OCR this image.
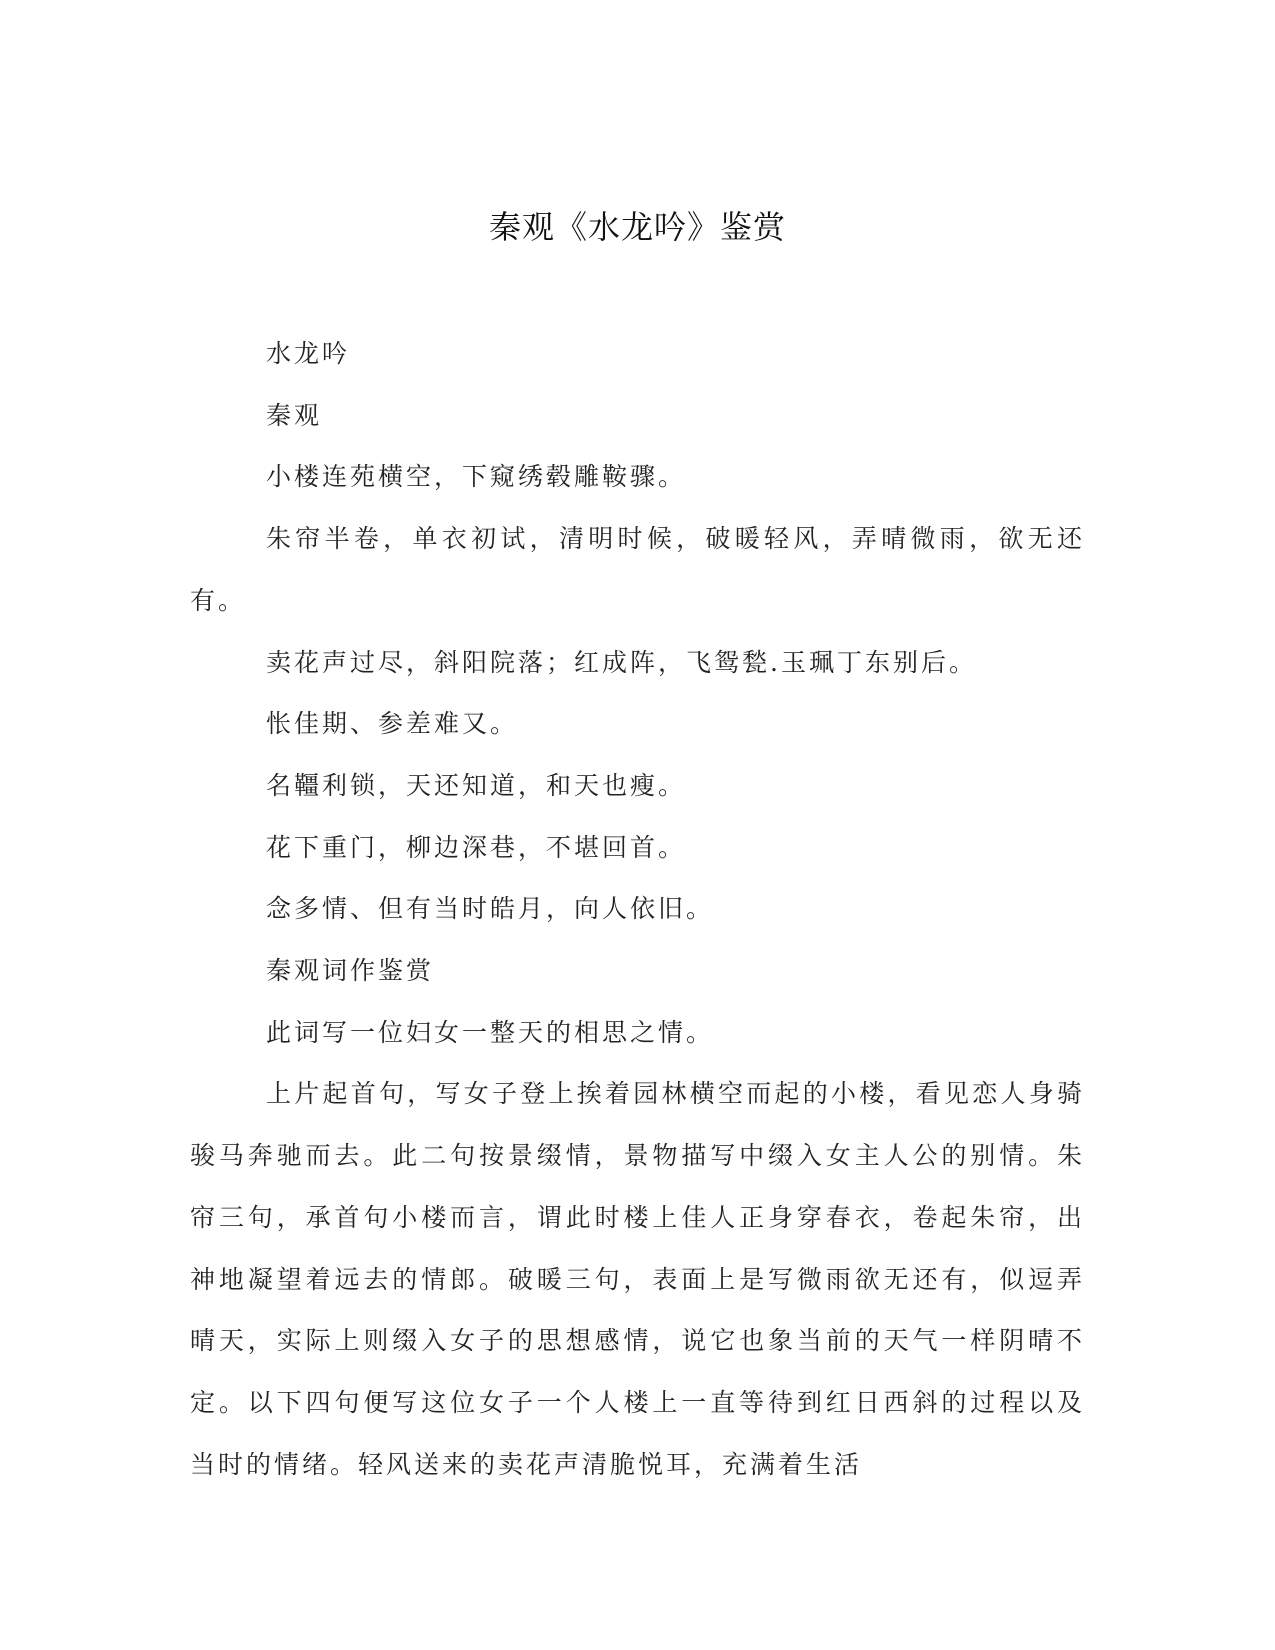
秦观《水龙吟》鉴赏

水龙吟

秦观

小楼连苑横空，下窥绣毂雕鞍骤。

朱帘半卷，单衣初试，清明时候，破暖轻风，弄晴微雨，欲无还有。

卖花声过尽，斜阳院落；红成阵，飞鸳甃.玉珮丁东别后。

怅佳期、参差难又。

名韁利锁，天还知道，和天也瘦。

花下重门，柳边深巷，不堪回首。

念多情、但有当时皓月，向人依旧。

秦观词作鉴赏

此词写一位妇女一整天的相思之情。

上片起首句，写女子登上挨着园林横空而起的小楼，看见恋人身骑骏马奔驰而去。此二句按景缀情，景物描写中缀入女主人公的别情。朱帘三句，承首句小楼而言，谓此时楼上佳人正身穿春衣，卷起朱帘，出神地凝望着远去的情郎。破暖三句，表面上是写微雨欲无还有，似逗弄晴天，实际上则缀入女子的思想感情，说它也象当前的天气一样阴晴不定。以下四句便写这位女子一个人楼上一直等待到红日西斜的过程以及当时的情绪。轻风送来的卖花声清脆悦耳，充满着生活
